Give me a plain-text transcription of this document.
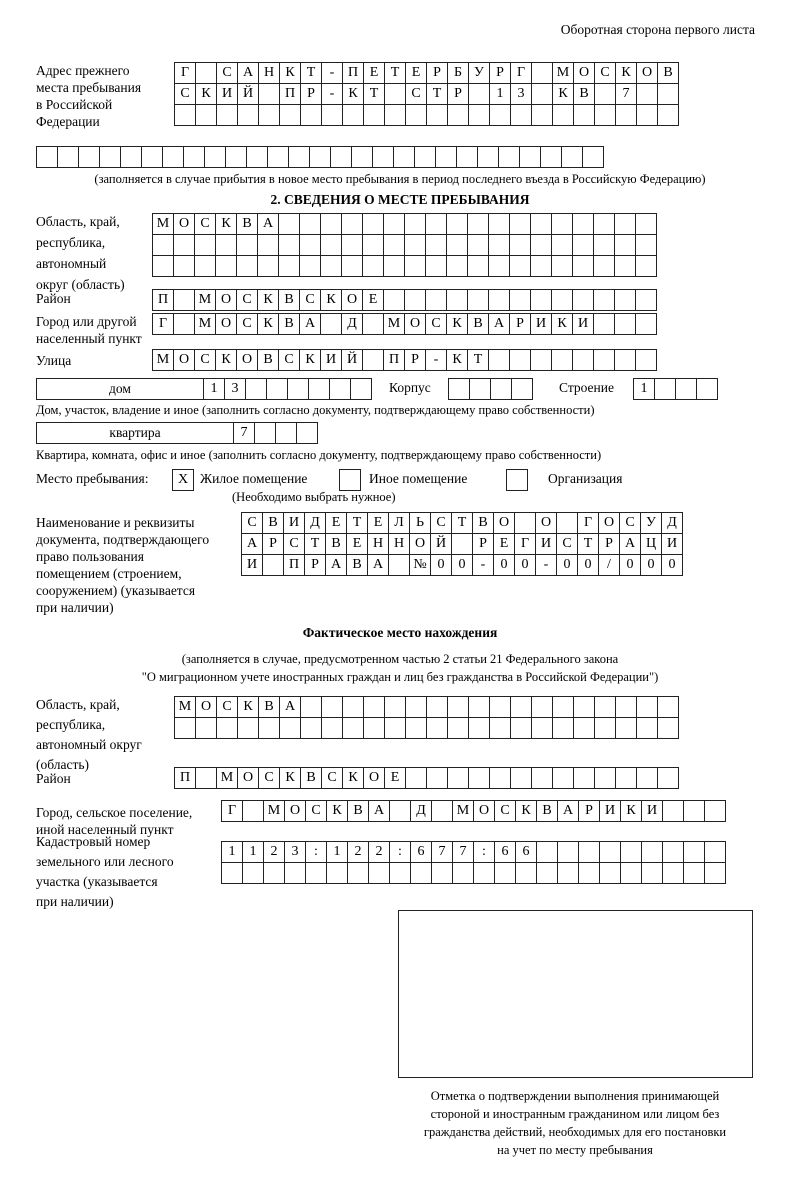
Оборотная сторона первого листа
Адрес прежнего
места пребывания
в Российской
Федерации
Г	С А Н К Т	- П Е Т Е Р Б У Р Г	М О С К О В
С К И Й	П Р	-	К Т	С Т Р	1	3	К В	7
(заполняется в случае прибытия в новое место пребывания в период последнего въезда в Российскую Федерацию)
2. СВЕДЕНИЯ О МЕСТЕ ПРЕБЫВАНИЯ
Область, край,
республика,
автономный
округ (область)
М О С К В А
Район	П	М О С К В С К О Е
Город или другой
населенный пункт
Г	М О С К В А	Д	М О С К В А Р И К И
Улица	М О С К О В С К И Й	П Р	-	К Т
дом	1	3	Корпус	Строение	1
Дом, участок, владение и иное (заполнить согласно документу, подтверждающему право собственности)
квартира	7
Квартира, комната, офис и иное (заполнить согласно документу, подтверждающему право собственности)
Место пребывания:	X Жилое помещение	Иное помещение	Организация
(Необходимо выбрать нужное)
Наименование и реквизиты
документа, подтверждающего
право пользования
помещением (строением,
сооружением) (указывается
при наличии)
С В И Д Е Т Е Л Ь С Т В О	О	Г О С У Д
А Р С Т В Е Н Н О Й	Р Е Г И С Т Р А Ц И
И	П Р А В А	№ 0	0	-	0	0	-	0	0	/	0	0	0
Фактическое место нахождения
(заполняется в случае, предусмотренном частью 2 статьи 21 Федерального закона
"О миграционном учете иностранных граждан и лиц без гражданства в Российской Федерации")
Область, край,
республика,
автономный округ
(область)
М О С К В А
Район	П	М О С К В С К О Е
Город, сельское поселение,
иной населенный пункт
Г	М О С К В А	Д	М О С К В А Р И К И
Кадастровый номер
земельного или лесного
участка (указывается
при наличии)
1	1	2	3	:	1	2	2	:	6	7	7	:	6	6
Отметка о подтверждении выполнения принимающей
стороной и иностранным гражданином или лицом без
гражданства действий, необходимых для его постановки
на учет по месту пребывания
